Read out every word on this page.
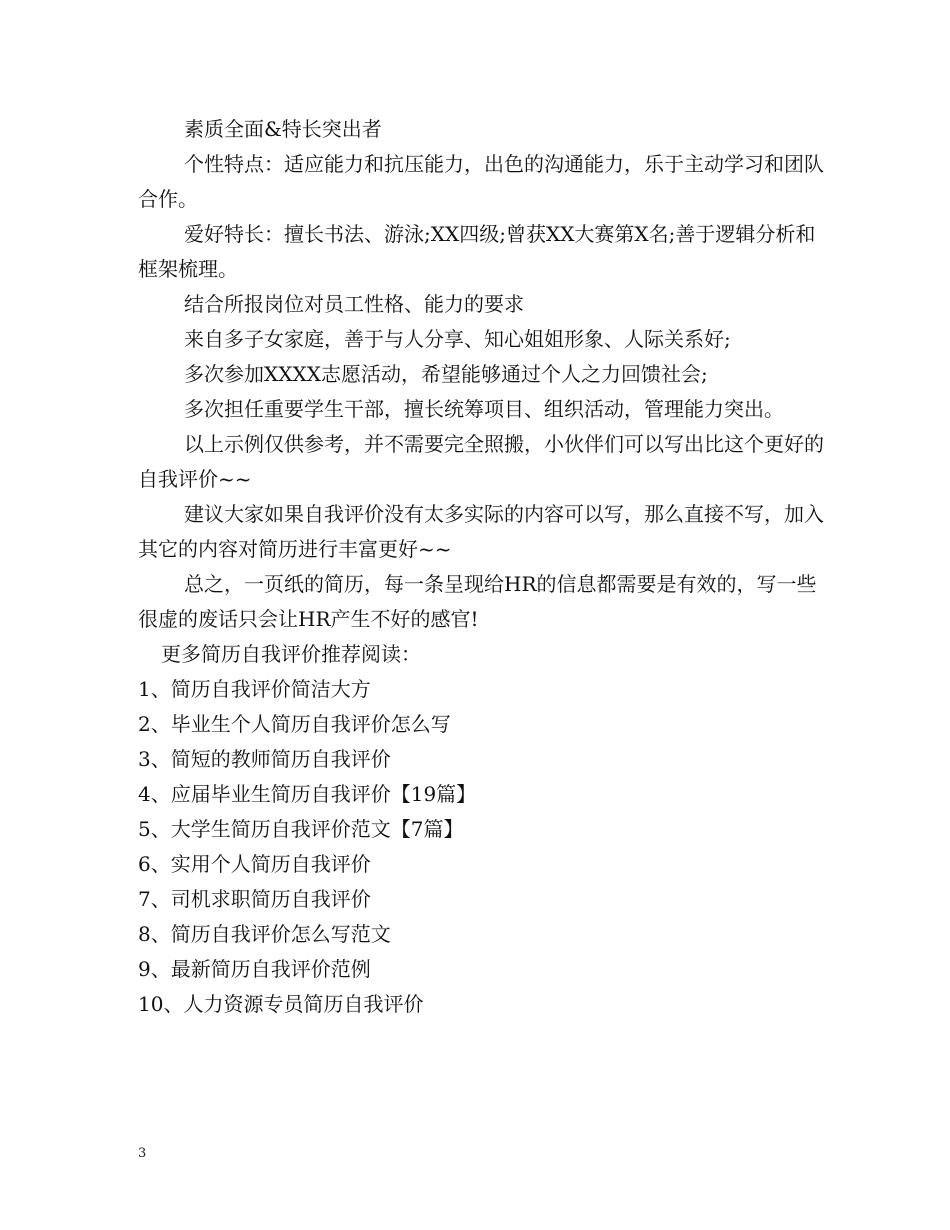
素质全面&特长突出者

个性特点：适应能力和抗压能力，出色的沟通能力，乐于主动学习和团队合作。

爱好特长：擅长书法、游泳;XX四级;曾获XX大赛第X名;善于逻辑分析和框架梳理。

结合所报岗位对员工性格、能力的要求

来自多子女家庭，善于与人分享、知心姐姐形象、人际关系好;

多次参加XXXX志愿活动，希望能够通过个人之力回馈社会;

多次担任重要学生干部，擅长统筹项目、组织活动，管理能力突出。

以上示例仅供参考，并不需要完全照搬，小伙伴们可以写出比这个更好的自我评价~~

建议大家如果自我评价没有太多实际的内容可以写，那么直接不写，加入其它的内容对简历进行丰富更好~~

总之，一页纸的简历，每一条呈现给HR的信息都需要是有效的，写一些很虚的废话只会让HR产生不好的感官!

更多简历自我评价推荐阅读：

1、简历自我评价简洁大方
2、毕业生个人简历自我评价怎么写
3、简短的教师简历自我评价
4、应届毕业生简历自我评价【19篇】
5、大学生简历自我评价范文【7篇】
6、实用个人简历自我评价
7、司机求职简历自我评价
8、简历自我评价怎么写范文
9、最新简历自我评价范例
10、人力资源专员简历自我评价
3
